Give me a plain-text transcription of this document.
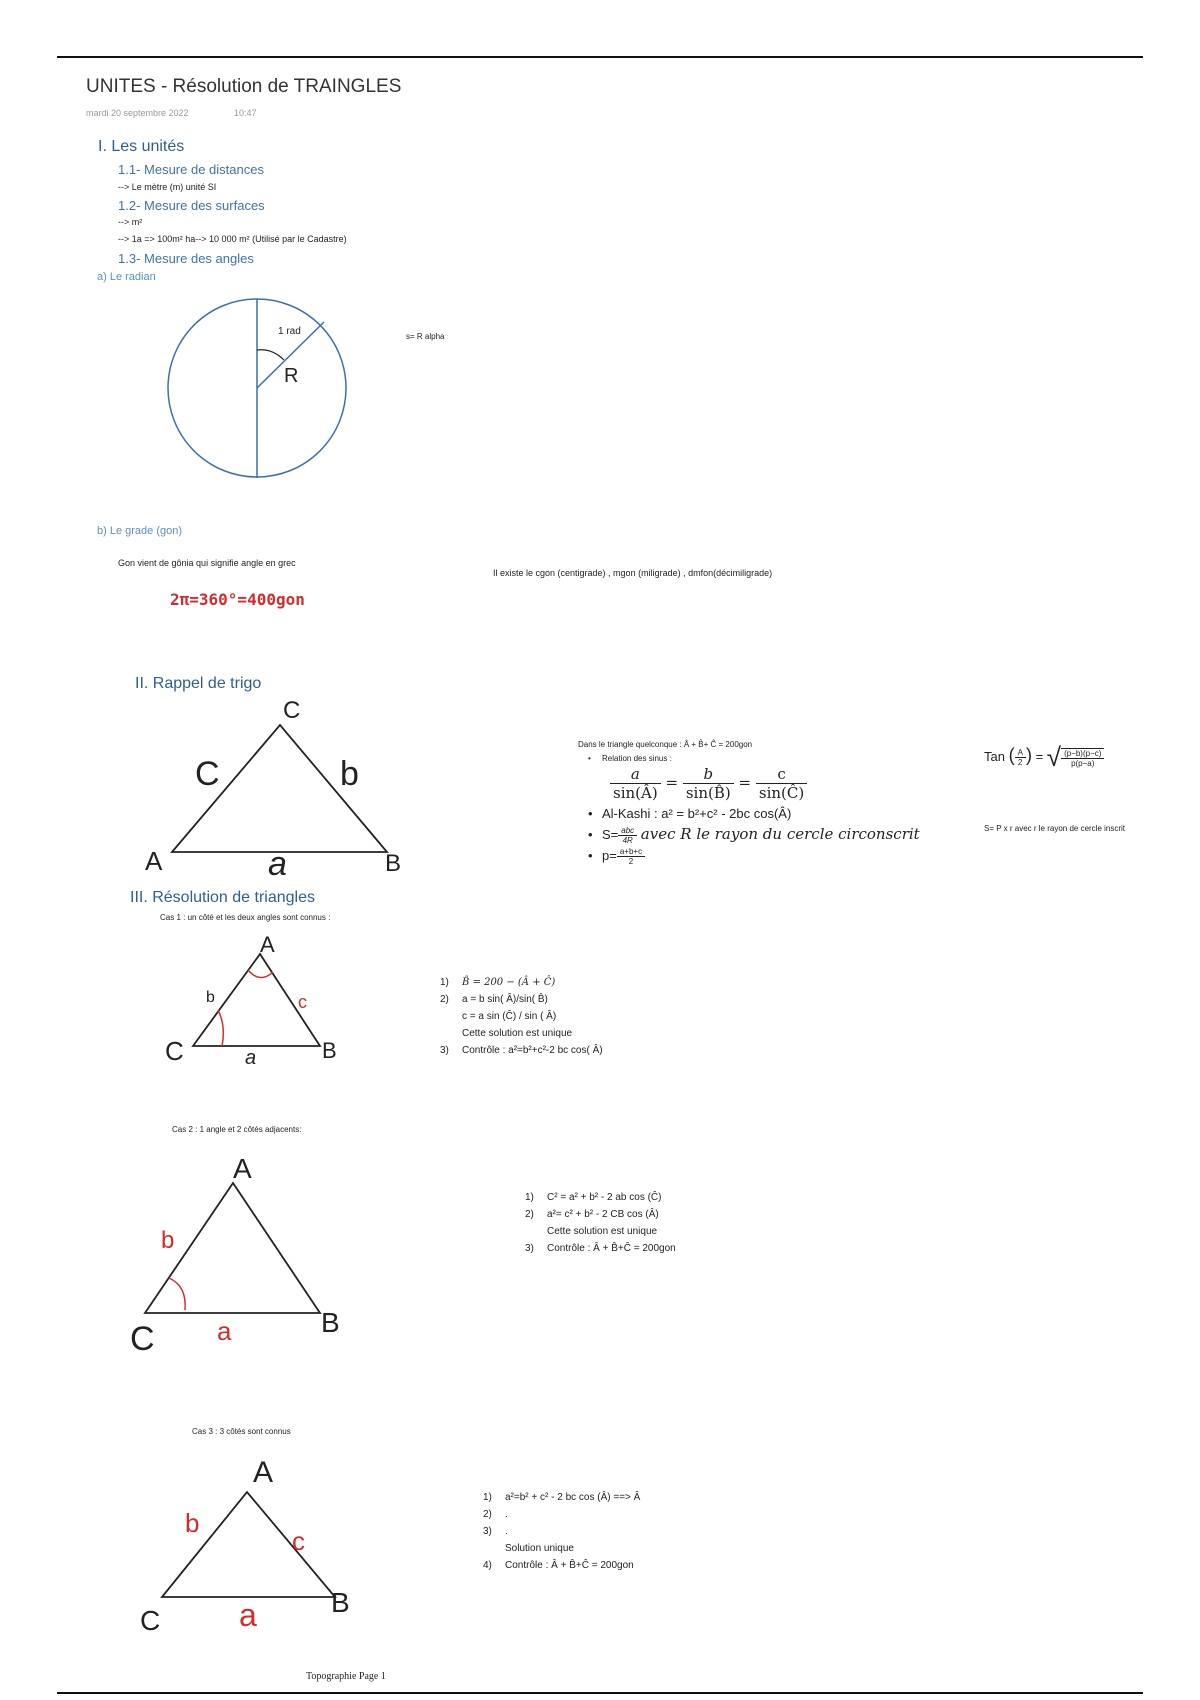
UNITES - Résolution de TRAINGLES
mardi 20 septembre 2022	10:47
I. Les unités
1.1- Mesure de distances
--> Le mètre (m) unité SI
1.2- Mesure des surfaces
--> m²
--> 1a => 100m² ha--> 10 000 m² (Utilisé par le Cadastre)
1.3- Mesure des angles
a) Le radian
1 rad
R
s= R alpha
b) Le grade (gon)
Gon vient de gônia qui signifie angle en grec
Il existe le cgon (centigrade) , mgon (miligrade) , dmfon(décimiligrade)
2π=360°=400gon
II. Rappel de trigo
C
C	b
A	a	B
Dans le triangle quelconque : Â + B̂+ Ĉ = 200gon
• Relation des sinus :
$\frac{a}{\sin(Â)} = \frac{b}{\sin(B̂)} = \frac{c}{\sin(Ĉ)}$
• Al-Kashi : a² = b²+c² - 2bc cos(Â)
• $S= \frac{\text{abc}}{4R}$ avec R le rayon du cercle circonscrit
• $p= \frac{a+b+c}{2}$
Tan ( $\frac{A}{2}$ ) = √ $\frac{(p-b)(p-c)}{p(p-a)}$
S= P x r avec r le rayon de cercle inscrit
III. Résolution de triangles
Cas 1 : un côté et les deux angles sont connus :
A
b	c
C	a	B
1) B̂ = 200 − (Â + Ĉ)
2) a = b sin( Â)/sin( B̂)
c = a sin (Ĉ) / sin ( Â)
Cette solution est unique
3) Contrôle : a²=b²+c²-2 bc cos( Â)
Cas 2 : 1 angle et 2 côtés adjacents:
A
b
C a	B
1) C² = a² + b² - 2 ab cos (Ĉ)
2) a²= c² + b² - 2 CB cos (Â)
Cette solution est unique
3) Contrôle : Â + B̂+Ĉ = 200gon
Cas 3 : 3 côtés sont connus
A
b
c
C a	B
1) a²=b² + c² - 2 bc cos (Â) ==> Â
2) .
3) .
Solution unique
4) Contrôle : Â + B̂+Ĉ = 200gon
Topographie Page 1
